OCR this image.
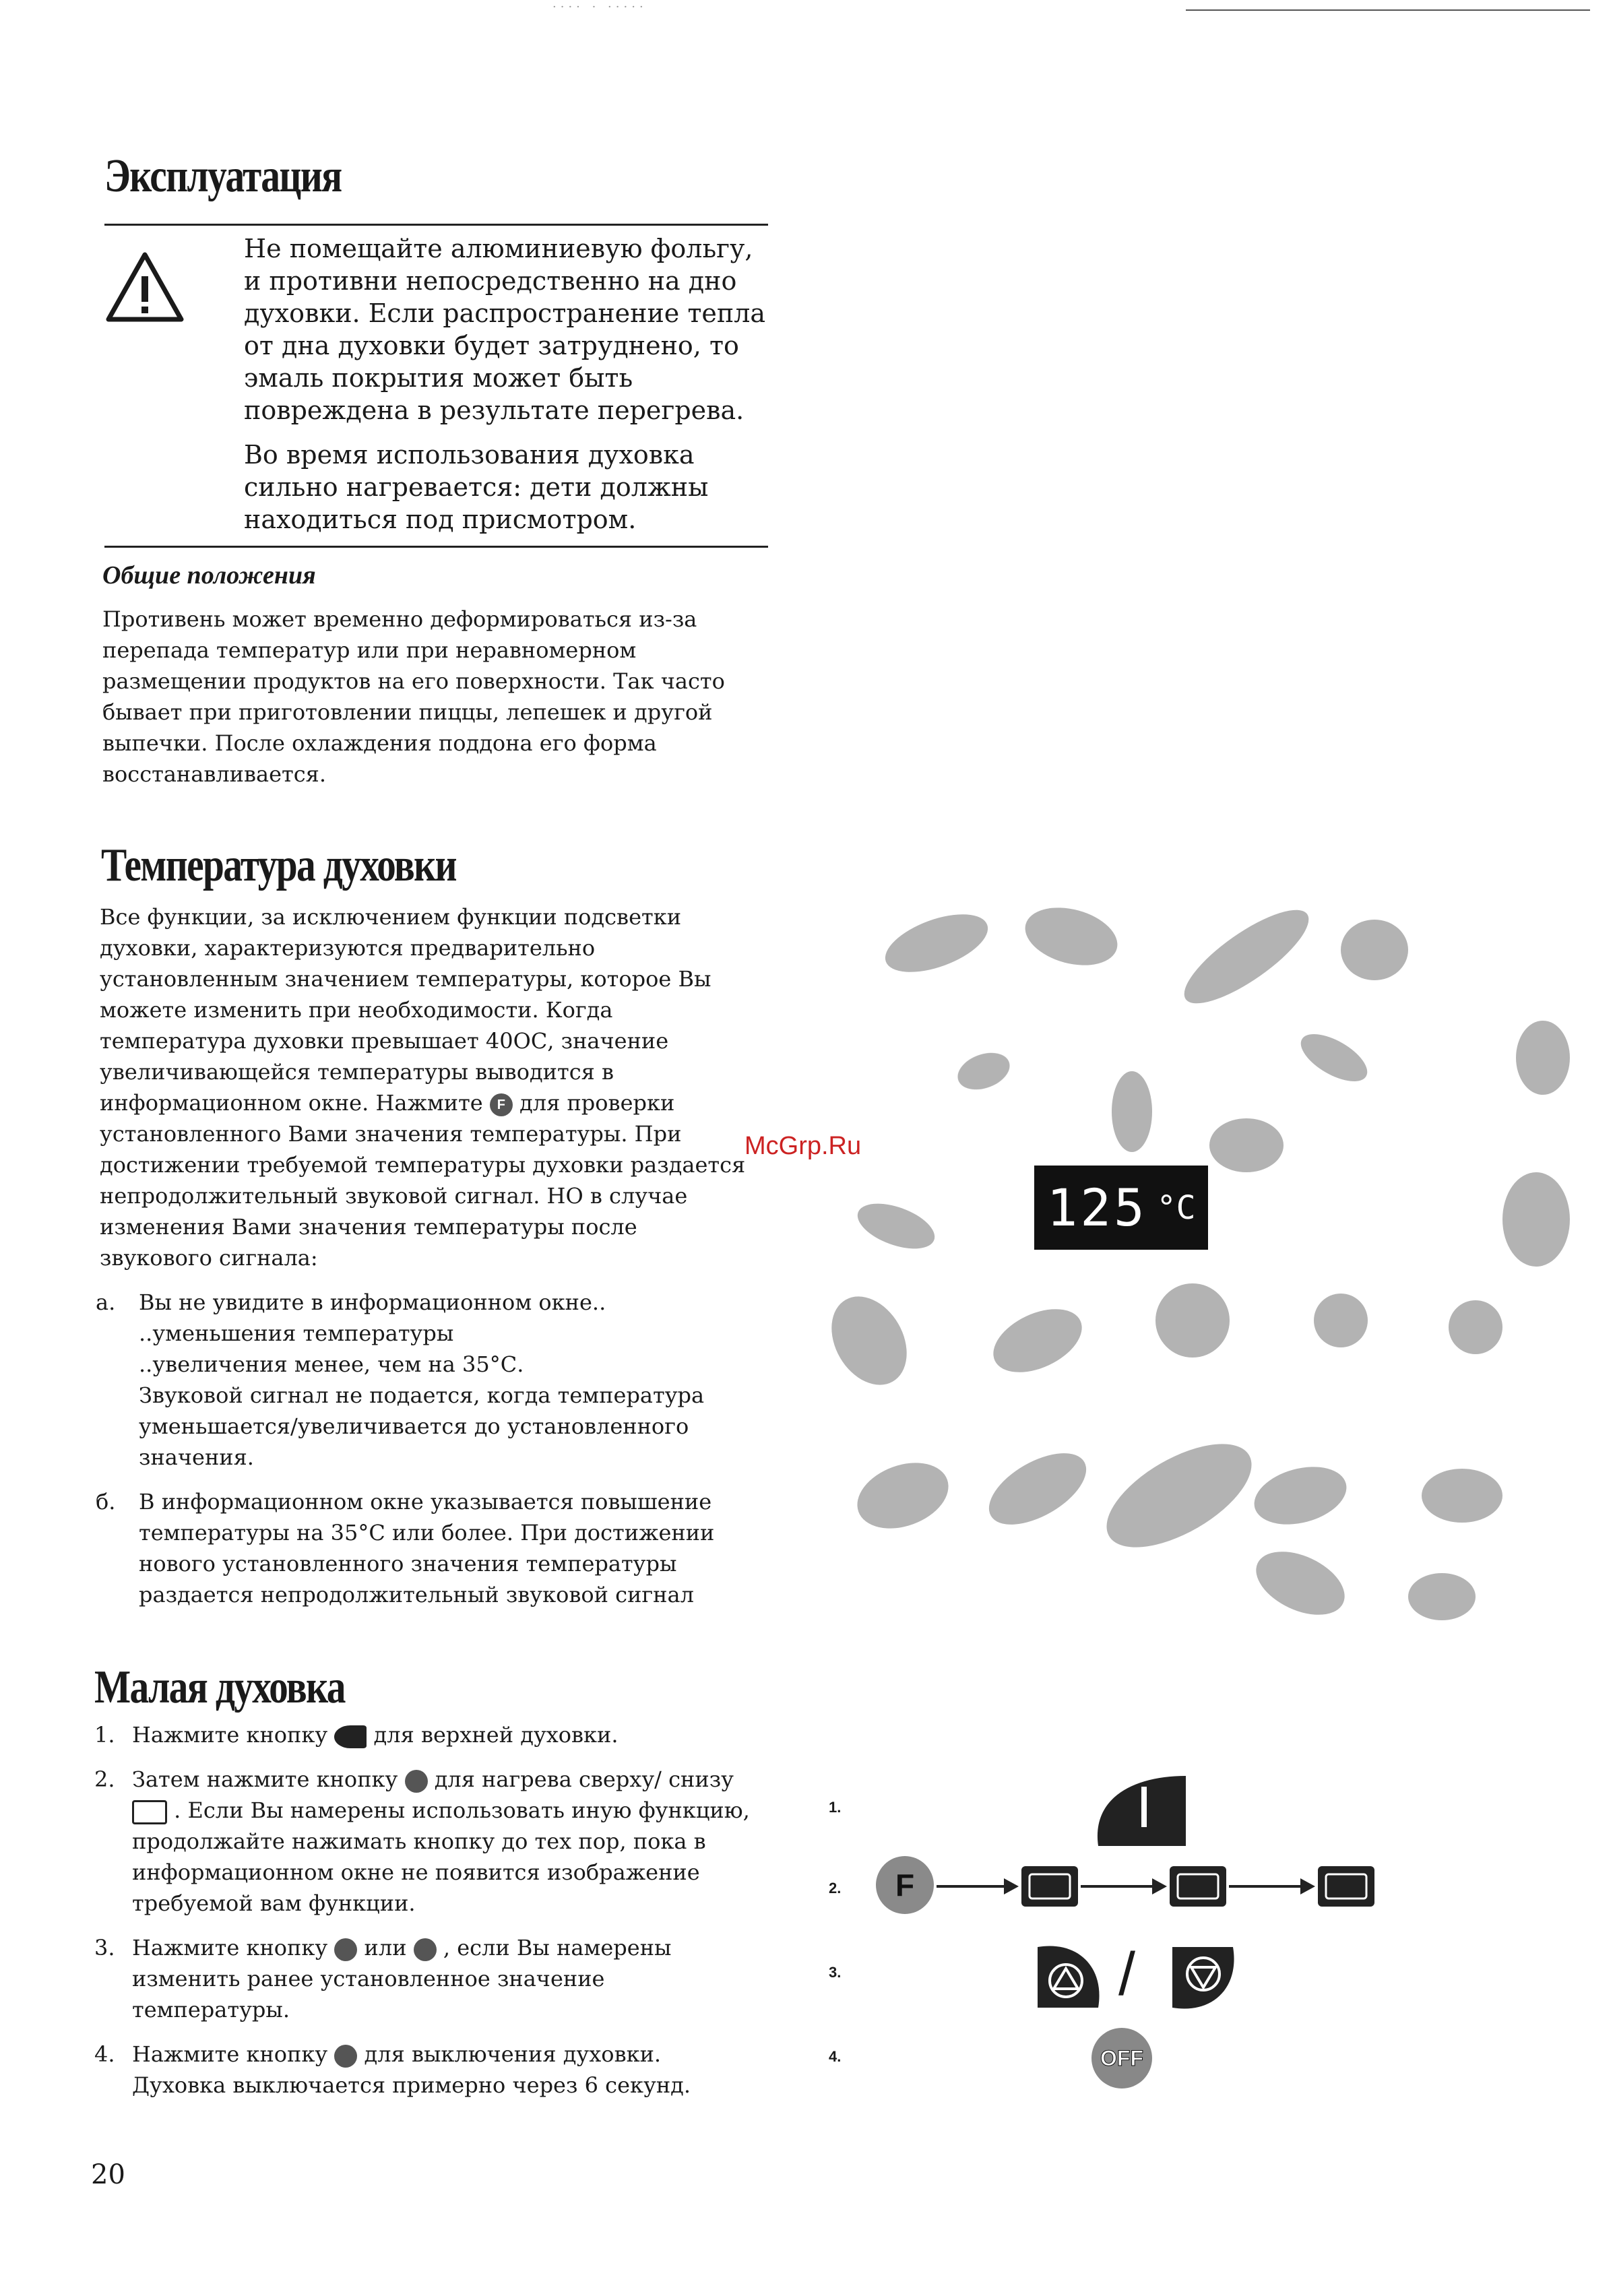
···· · ·····
Эксплуатация

Не помещайте алюминиевую фольгу, и противни непосредственно на дно духовки. Если распространение тепла от дна духовки будет затруднено, то эмаль покрытия может быть повреждена в результате перегрева.

Во время использования духовка сильно нагревается: дети должны находиться под присмотром.

Общие положения
Противень может временно деформироваться из-за перепада температур или при неравномерном размещении продуктов на его поверхности. Так часто бывает при приготовлении пиццы, лепешек и другой выпечки. После охлаждения поддона его форма восстанавливается.
Температура духовки
Все функции, за исключением функции подсветки духовки, характеризуются предварительно установленным значением температуры, которое Вы можете изменить при необходимости. Когда температура духовки превышает 40ОС, значение увеличивающейся температуры выводится в информационном окне. Нажмите F для проверки установленного Вами значения температуры. При достижении требуемой температуры духовки раздается непродолжительный звуковой сигнал. НО в случае изменения Вами значения температуры после звукового сигнала:
а.	Вы не увидите в информационном окне..

..уменьшения температуры

..увеличения менее, чем на 35°С.

Звуковой сигнал не подается, когда температура уменьшается/увеличивается до установленного значения.

б.	В информационном окне указывается повышение температуры на 35°С или более. При достижении нового установленного значения температуры раздается непродолжительный звуковой сигнал

125 °C
McGrp.Ru
Малая духовка
1. Нажмите кнопку для верхней духовки.
2. Затем нажмите кнопку для нагрева сверху/ снизу  . Если Вы намерены использовать иную функцию, продолжайте нажимать кнопку до тех пор, пока в информационном окне не появится изображение требуемой вам функции.
3. Нажмите кнопку или , если Вы намерены изменить ранее установленное значение температуры.
4. Нажмите кнопку для выключения духовки. Духовка выключается примерно через 6 секунд.
1.
2.
3.
4.
F
/
OFF
20
